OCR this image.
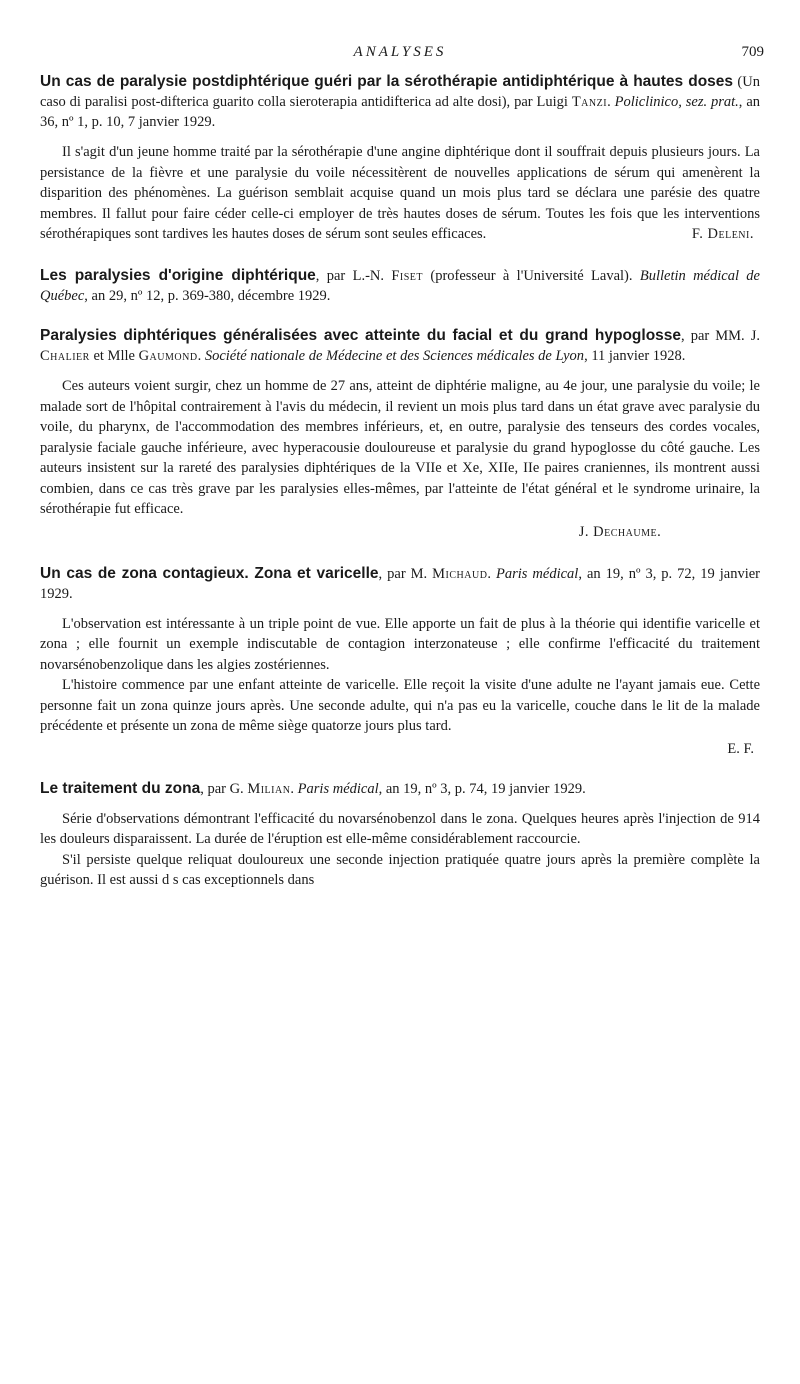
ANALYSES	709

Un cas de paralysie postdiphtérique guéri par la sérothérapie antidiphtérique à hautes doses (Un caso di paralisi post-difterica guarito colla sieroterapia antidifterica ad alte dosi), par Luigi Tanzi. Policlinico, sez. prat., an 36, nº 1, p. 10, 7 janvier 1929.

Il s'agit d'un jeune homme traité par la sérothérapie d'une angine diphtérique dont il souffrait depuis plusieurs jours. La persistance de la fièvre et une paralysie du voile nécessitèrent de nouvelles applications de sérum qui amenèrent la disparition des phénomènes. La guérison semblait acquise quand un mois plus tard se déclara une parésie des quatre membres. Il fallut pour faire céder celle-ci employer de très hautes doses de sérum. Toutes les fois que les interventions sérothérapiques sont tardives les hautes doses de sérum sont seules efficaces.	F. Deleni.

Les paralysies d'origine diphtérique, par L.-N. Fiset (professeur à l'Université Laval). Bulletin médical de Québec, an 29, nº 12, p. 369-380, décembre 1929.

Paralysies diphtériques généralisées avec atteinte du facial et du grand hypoglosse, par MM. J. Chalier et Mlle Gaumond. Société nationale de Médecine et des Sciences médicales de Lyon, 11 janvier 1928.

Ces auteurs voient surgir, chez un homme de 27 ans, atteint de diphtérie maligne, au 4e jour, une paralysie du voile; le malade sort de l'hôpital contrairement à l'avis du médecin, il revient un mois plus tard dans un état grave avec paralysie du voile, du pharynx, de l'accommodation des membres inférieurs, et, en outre, paralysie des tenseurs des cordes vocales, paralysie faciale gauche inférieure, avec hyperacousie douloureuse et paralysie du grand hypoglosse du côté gauche. Les auteurs insistent sur la rareté des paralysies diphtériques de la VIIe et Xe, XIIe, IIe paires craniennes, ils montrent aussi combien, dans ce cas très grave par les paralysies elles-mêmes, par l'atteinte de l'état général et le syndrome urinaire, la sérothérapie fut efficace.

J. Dechaume.

Un cas de zona contagieux. Zona et varicelle, par M. Michaud. Paris médical, an 19, nº 3, p. 72, 19 janvier 1929.

L'observation est intéressante à un triple point de vue. Elle apporte un fait de plus à la théorie qui identifie varicelle et zona ; elle fournit un exemple indiscutable de contagion interzonateuse ; elle confirme l'efficacité du traitement novarsénobenzolique dans les algies zostériennes.

L'histoire commence par une enfant atteinte de varicelle. Elle reçoit la visite d'une adulte ne l'ayant jamais eue. Cette personne fait un zona quinze jours après. Une seconde adulte, qui n'a pas eu la varicelle, couche dans le lit de la malade précédente et présente un zona de même siège quatorze jours plus tard.

E. F.

Le traitement du zona, par G. Milian. Paris médical, an 19, nº 3, p. 74, 19 janvier 1929.

Série d'observations démontrant l'efficacité du novarsénobenzol dans le zona. Quelques heures après l'injection de 914 les douleurs disparaissent. La durée de l'éruption est elle-même considérablement raccourcie.

S'il persiste quelque reliquat douloureux une seconde injection pratiquée quatre jours après la première complète la guérison. Il est aussi d s cas exceptionnels dans
